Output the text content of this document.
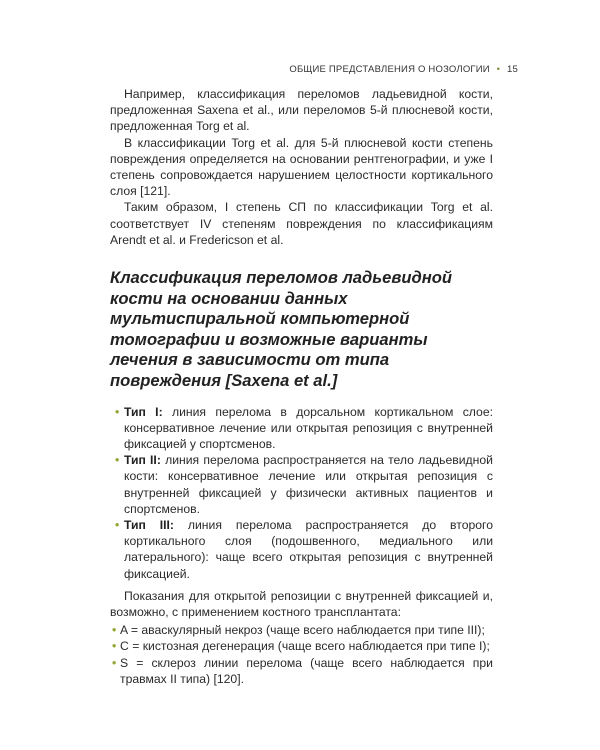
ОБЩИЕ ПРЕДСТАВЛЕНИЯ О НОЗОЛОГИИ • 15

Например, классификация переломов ладьевидной кости, предложенная Saxena et al., или переломов 5-й плюсневой кости, предложенная Torg et al.

В классификации Torg et al. для 5-й плюсневой кости степень повреждения определяется на основании рентгенографии, и уже I степень сопровождается нарушением целостности кортикального слоя [121].

Таким образом, I степень СП по классификации Torg et al. соответствует IV степеням повреждения по классификациям Arendt et al. и Fredericson et al.

Классификация переломов ладьевидной кости на основании данных мультиспиральной компьютерной томографии и возможные варианты лечения в зависимости от типа повреждения [Saxena et al.]
• Тип I: линия перелома в дорсальном кортикальном слое: консервативное лечение или открытая репозиция с внутренней фиксацией у спортсменов.
• Тип II: линия перелома распространяется на тело ладьевидной кости: консервативное лечение или открытая репозиция с внутренней фиксацией у физически активных пациентов и спортсменов.
• Тип III: линия перелома распространяется до второго кортикального слоя (подошвенного, медиального или латерального): чаще всего открытая репозиция с внутренней фиксацией.

Показания для открытой репозиции с внутренней фиксацией и, возможно, с применением костного трансплантата:

• A = аваскулярный некроз (чаще всего наблюдается при типе III);
• C = кистозная дегенерация (чаще всего наблюдается при типе I);
• S = склероз линии перелома (чаще всего наблюдается при травмах II типа) [120].
